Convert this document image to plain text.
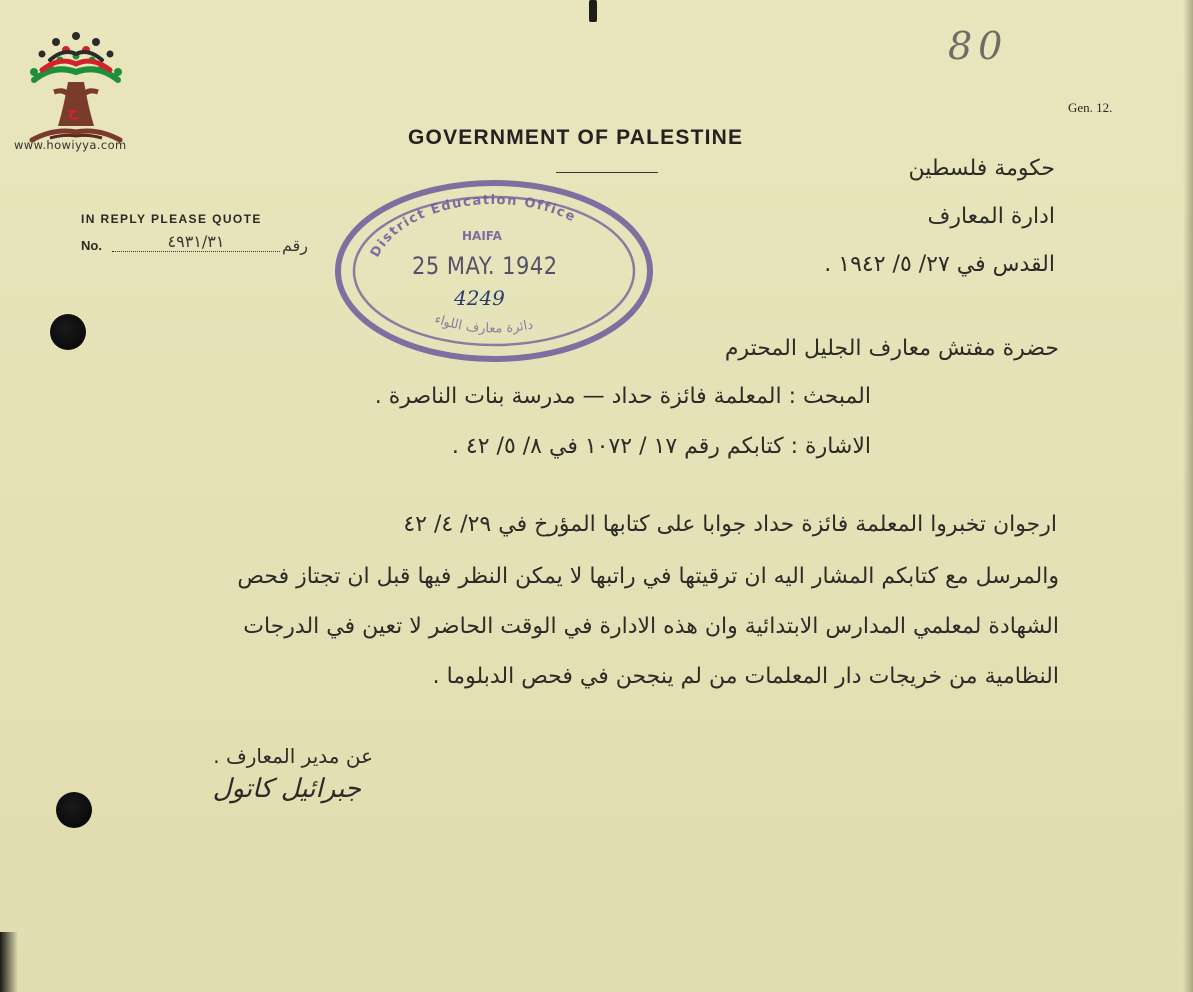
ح
www.howiyya.com
80
Gen. 12.
GOVERNMENT OF PALESTINE
حكومة فلسطين
ادارة المعارف
القدس في ٢٧/ ٥/ ١٩٤٢ .
IN REPLY PLEASE QUOTE
No.	٤٩٣١/٣١	رقم	District Education Office
HAIFA
دائرة معارف اللواء
25 MAY. 1942
4249
حضرة مفتش معارف الجليل المحترم
المبحث : المعلمة فائزة حداد — مدرسة بنات الناصرة .
الاشارة : كتابكم رقم ١٧ / ١٠٧٢ في ٨/ ٥/ ٤٢ .
ارجوان تخبروا المعلمة فائزة حداد جوابا على كتابها المؤرخ في ٢٩/ ٤/ ٤٢
والمرسل مع كتابكم المشار اليه ان ترقيتها في راتبها لا يمكن النظر فيها قبل ان تجتاز فحص
الشهادة لمعلمي المدارس الابتدائية وان هذه الادارة في الوقت الحاضر لا تعين في الدرجات
النظامية من خريجات دار المعلمات من لم ينجحن في فحص الدبلوما .
عن مدير المعارف .
جبرائيل كاتول
